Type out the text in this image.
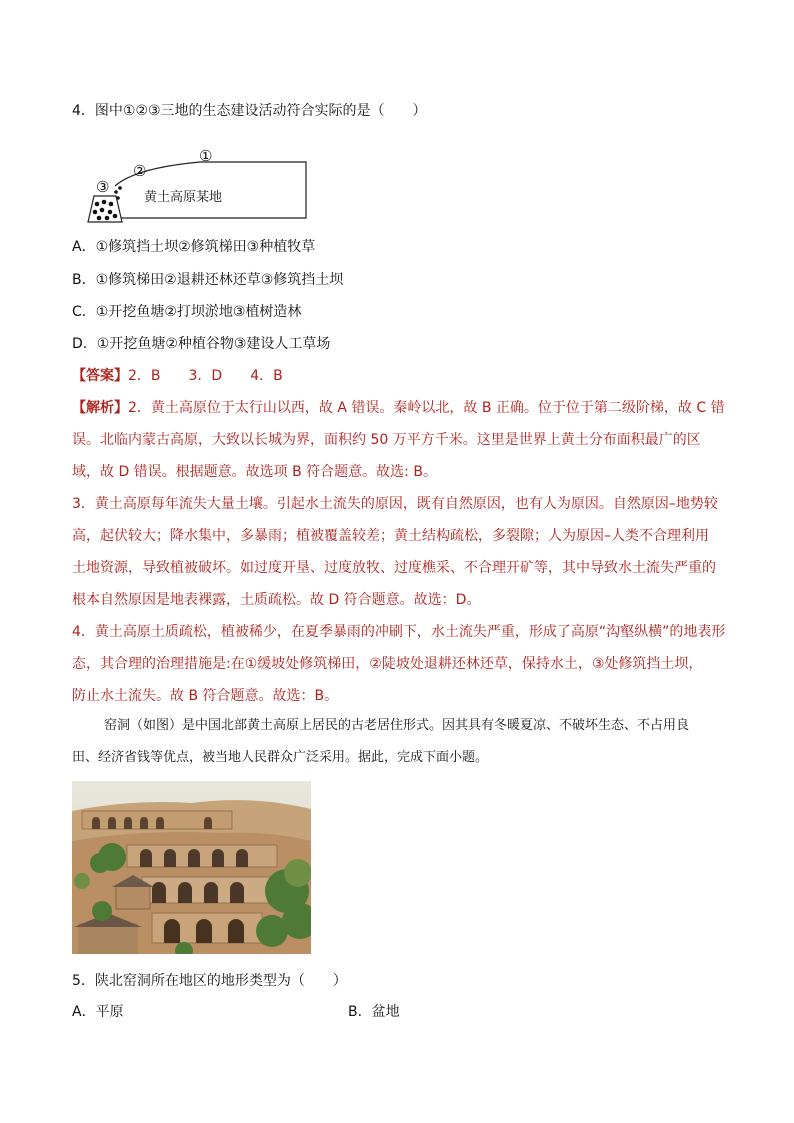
4．图中①②③三地的生态建设活动符合实际的是（　　）
黄土高原某地
①
②
③
A．①修筑挡土坝②修筑梯田③种植牧草
B．①修筑梯田②退耕还林还草③修筑挡土坝
C．①开挖鱼塘②打坝淤地③植树造林
D．①开挖鱼塘②种植谷物③建设人工草场
【答案】2．B　　3．D　　4．B
【解析】2．黄土高原位于太行山以西，故 A 错误。秦岭以北，故 B 正确。位于位于第二级阶梯，故 C 错
误。北临内蒙古高原，大致以长城为界，面积约 50 万平方千米。这里是世界上黄土分布面积最广的区
域，故 D 错误。根据题意。故选项 B 符合题意。故选: B。
3．黄土高原每年流失大量土壤。引起水土流失的原因，既有自然原因，也有人为原因。自然原因–地势较
高，起伏较大；降水集中，多暴雨；植被覆盖较差；黄土结构疏松，多裂隙；人为原因–人类不合理利用
土地资源，导致植被破坏。如过度开垦、过度放牧、过度樵采、不合理开矿等，其中导致水土流失严重的
根本自然原因是地表裸露，土质疏松。故 D 符合题意。故选：D。
4．黄土高原土质疏松，植被稀少，在夏季暴雨的冲刷下，水土流失严重，形成了高原“沟壑纵横”的地表形
态，其合理的治理措施是:在①缓坡处修筑梯田，②陡坡处退耕还林还草，保持水土，③处修筑挡土坝，
防止水土流失。故 B 符合题意。故选：B。
窑洞（如图）是中国北部黄土高原上居民的古老居住形式。因其具有冬暖夏凉、不破坏生态、不占用良
田、经济省钱等优点，被当地人民群众广泛采用。据此，完成下面小题。
5．陕北窑洞所在地区的地形类型为（　　）
A．平原	B．盆地
